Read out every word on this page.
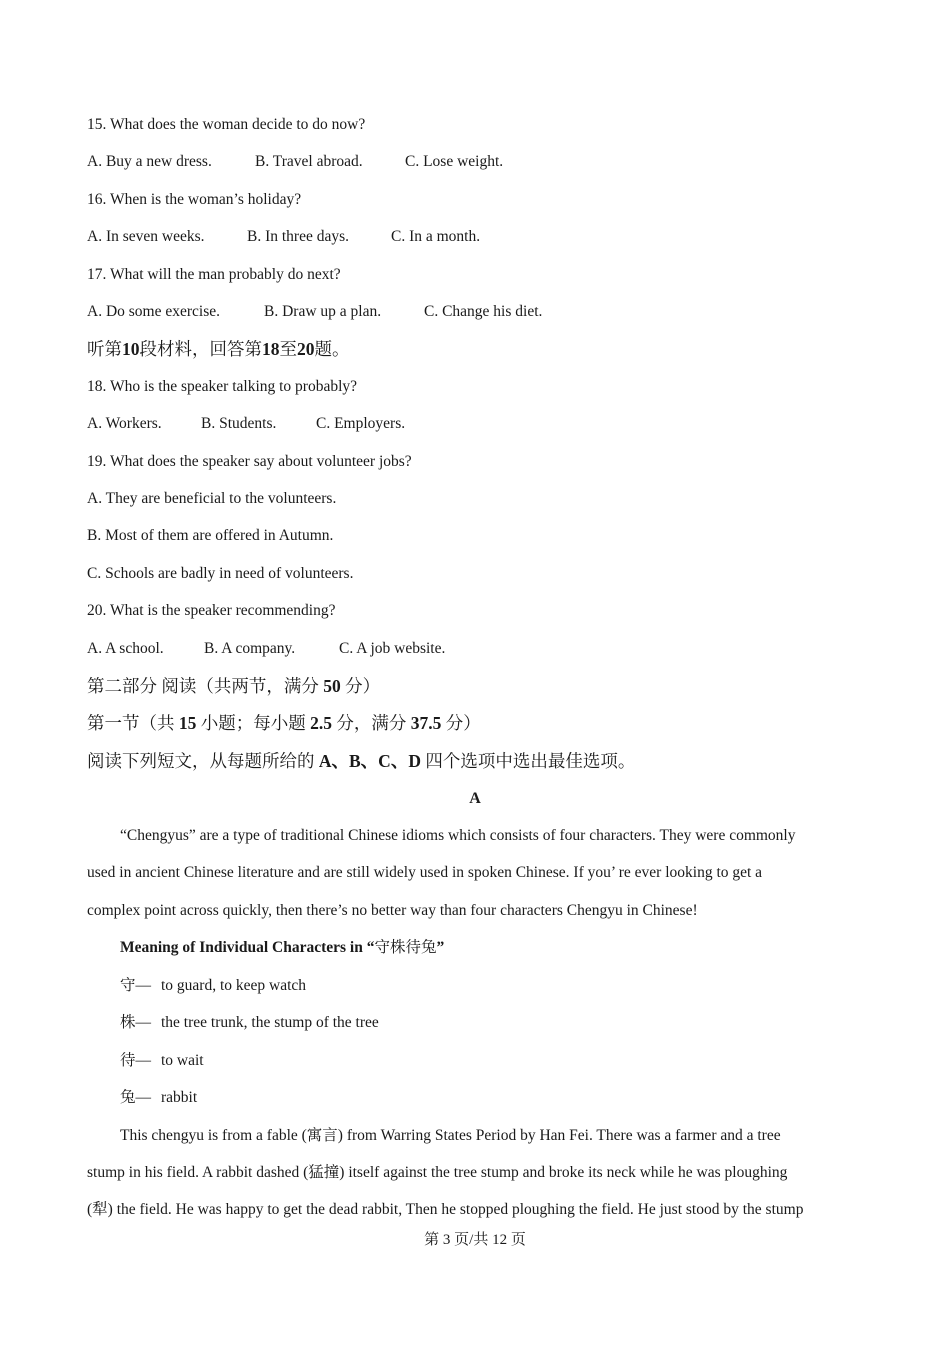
15. What does the woman decide to do now?
A. Buy a new dress.	B. Travel abroad.	C. Lose weight.
16. When is the woman’s holiday?
A. In seven weeks.	B. In three days.	C. In a month.
17. What will the man probably do next?
A. Do some exercise.	B. Draw up a plan.	C. Change his diet.
听第10段材料，回答第18至20题。
18. Who is the speaker talking to probably?
A. Workers.	B. Students.	C. Employers.
19. What does the speaker say about volunteer jobs?
A. They are beneficial to the volunteers.
B. Most of them are offered in Autumn.
C. Schools are badly in need of volunteers.
20. What is the speaker recommending?
A. A school.	B. A company.	C. A job website.
第二部分 阅读（共两节，满分 50 分）
第一节（共 15 小题；每小题 2.5 分，满分 37.5 分）
阅读下列短文，从每题所给的 A、B、C、D 四个选项中选出最佳选项。
A
“Chengyus” are a type of traditional Chinese idioms which consists of four characters. They were commonly
used in ancient Chinese literature and are still widely used in spoken Chinese. If you’ re ever looking to get a
complex point across quickly, then there’s no better way than four characters Chengyu in Chinese!
Meaning of Individual Characters in “守株待兔”
守— to guard, to keep watch
株— the tree trunk, the stump of the tree
待— to wait
兔— rabbit
This chengyu is from a fable (寓言) from Warring States Period by Han Fei. There was a farmer and a tree
stump in his field. A rabbit dashed (猛撞) itself against the tree stump and broke its neck while he was ploughing
(犁) the field. He was happy to get the dead rabbit, Then he stopped ploughing the field. He just stood by the stump
第 3 页/共 12 页
